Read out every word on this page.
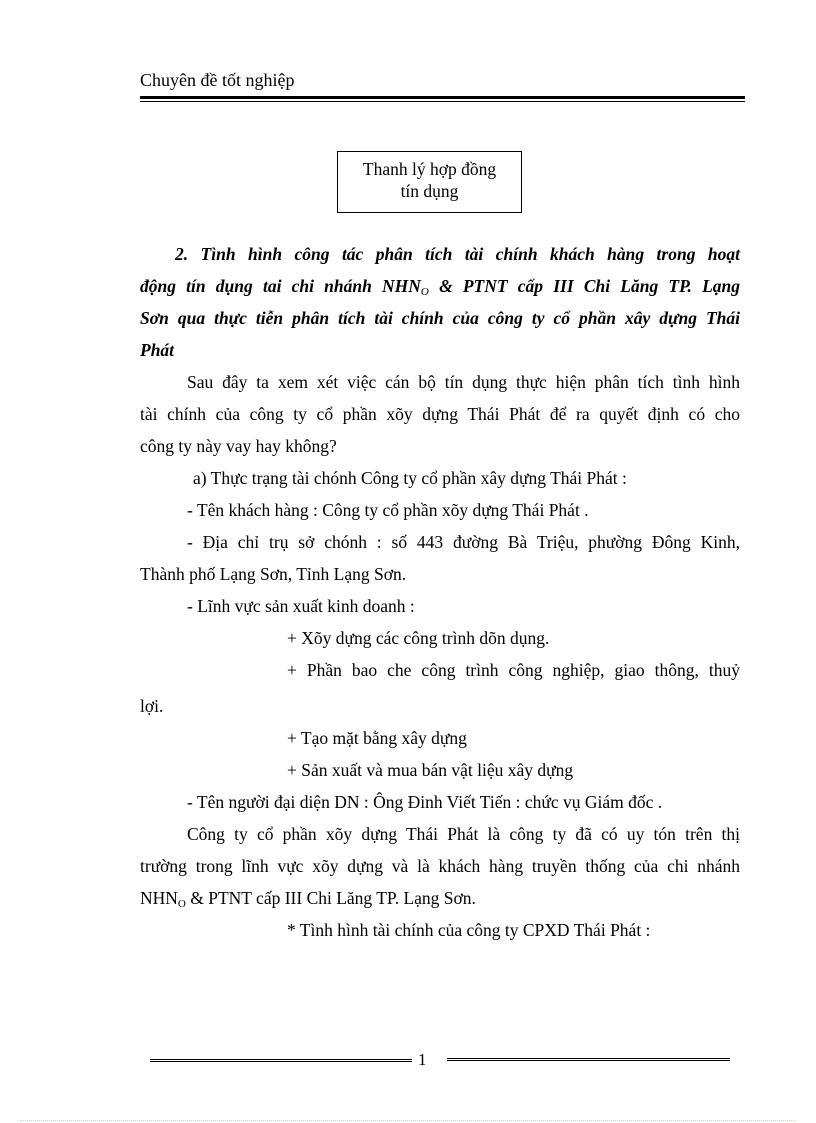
Chuyên đề tốt nghiệp
Thanh lý hợp đồng
tín dụng
2. Tình hình công tác phân tích tài chính khách hàng trong hoạt
động tín dụng tai chi nhánh $NHN_O$ & PTNT cấp III Chi Lăng TP. Lạng
Sơn qua thực tiễn phân tích tài chính của công ty cổ phần xây dựng Thái
Phát
Sau đây ta xem xét việc cán bộ tín dụng thực hiện phân tích tình hình
tài chính của công ty cổ phần xõy dựng Thái Phát để ra quyết định có cho
công ty này vay hay không?
a) Thực trạng tài chónh Công ty cổ phần xây dựng Thái Phát :
- Tên khách hàng : Công ty cổ phần xõy dựng Thái Phát .
- Địa chỉ trụ sở chónh : số 443 đường Bà Triệu, phường Đông Kinh,
Thành phố Lạng Sơn, Tỉnh Lạng Sơn.
- Lĩnh vực sản xuất kinh doanh :
+ Xõy dựng các công trình dõn dụng.
+ Phần bao che công trình công nghiệp, giao thông, thuỷ
lợi.
+ Tạo mặt bằng xây dựng
+ Sản xuất và mua bán vật liệu xây dựng
- Tên người đại diện DN : Ông Đinh Viết Tiến : chức vụ Giám đốc .
Công ty cổ phần xõy dựng Thái Phát là công ty đã có uy tón trên thị
trường trong lĩnh vực xõy dựng và là khách hàng truyền thống của chi nhánh
$NHN_O$ & PTNT cấp III Chi Lăng TP. Lạng Sơn.
* Tình hình tài chính của công ty CPXD Thái Phát :
1
